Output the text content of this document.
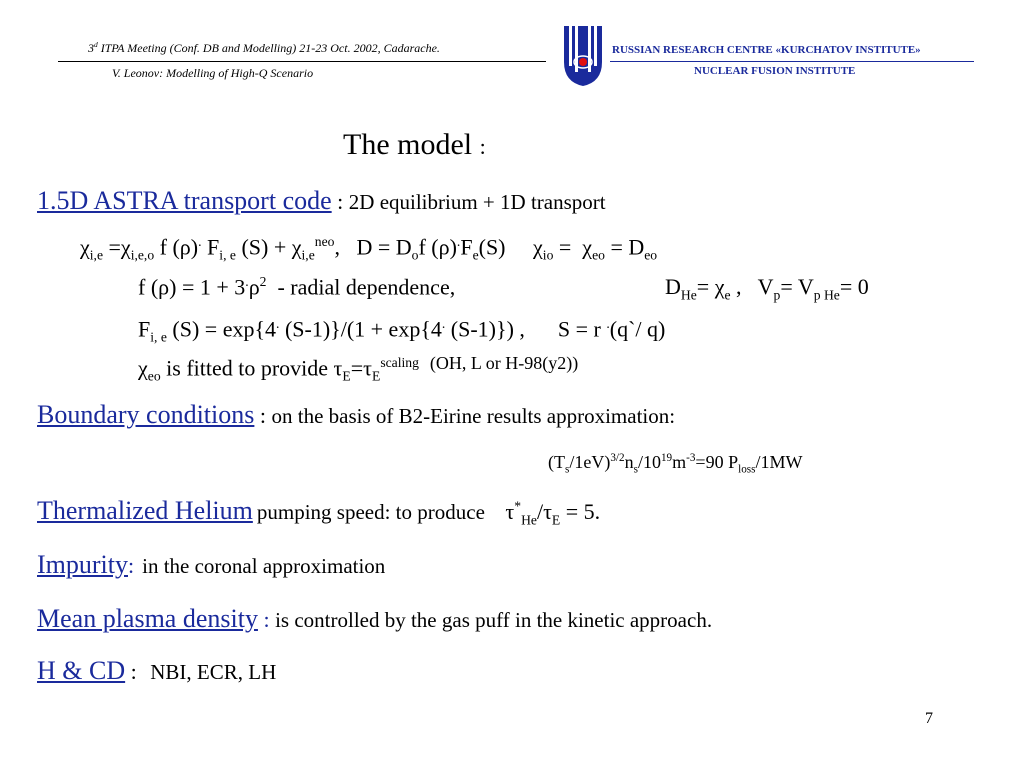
3$^d$ ITPA Meeting (Conf. DB and Modelling) 21-23 Oct. 2002, Cadarache.
V. Leonov: Modelling of High-Q Scenario
RUSSIAN RESEARCH CENTRE «KURCHATOV INSTITUTE»
NUCLEAR FUSION INSTITUTE
The model :
1.5D ASTRA transport code : 2D equilibrium + 1D transport
$\chi_{i,e} =\chi_{i,e,o}$ f (ρ). $F_{i, e}$ $(S) + \chi_{i,e}^{neo}$,   $D = D_of$ $(\rho)^.F_e(S)$     $\chi_{io} = \chi_{eo} = D_{eo}$
f $(\rho) = 1 + 3^.\rho^2$ - radial dependence,	$D_{He}= \chi_e$ ,   $V_p= V_{p He}= 0$
$F_{i, e}$ (S) = exp{4. (S-1)}/(1 + exp{4. (S-1)}) ,      S = r .(q`/ q)
$\chi_{eo}$ is fitted to provide $\tau_E=\tau_E^{scaling}$ $^{(OH, L or H-98(y2))}$
Boundary conditions : on the basis of B2-Eirine results approximation:
$(T_s/1eV)^{3/2}n_s/10^{19}m^{-3}=90$ $P_{loss}/1MW$
Thermalized Helium pumping speed: to produce    $\tau^*_{He}/\tau_E = 5$.
Impurity: in the coronal approximation
Mean plasma density : is controlled by the gas puff in the kinetic approach.
H & CD :   NBI, ECR, LH
7
